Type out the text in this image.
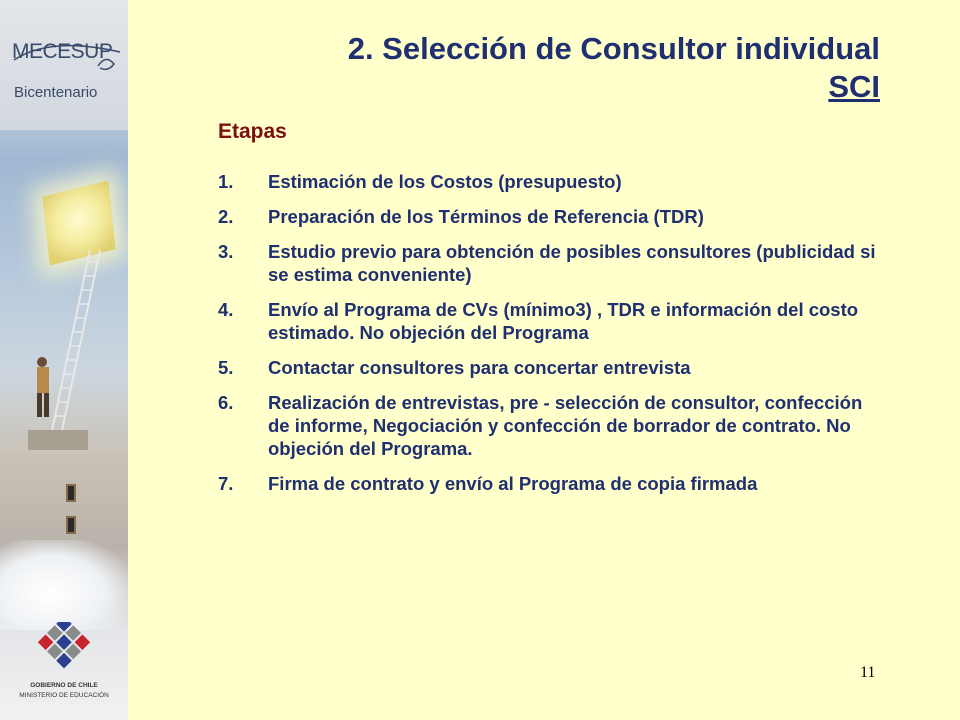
MECESUP
Bicentenario
GOBIERNO DE CHILE
MINISTERIO DE EDUCACIÓN
2. Selección de Consultor individual
SCI
Etapas
1. Estimación de los Costos (presupuesto)
2. Preparación de los Términos de Referencia (TDR)
3. Estudio previo para obtención de posibles consultores (publicidad si se estima conveniente)
4. Envío al Programa de CVs (mínimo3) , TDR e información del costo estimado. No objeción del Programa
5. Contactar consultores para concertar entrevista
6. Realización de entrevistas, pre - selección de consultor, confección de informe, Negociación y confección de borrador de contrato. No objeción del Programa.
7. Firma de contrato y envío al Programa de copia firmada
11
